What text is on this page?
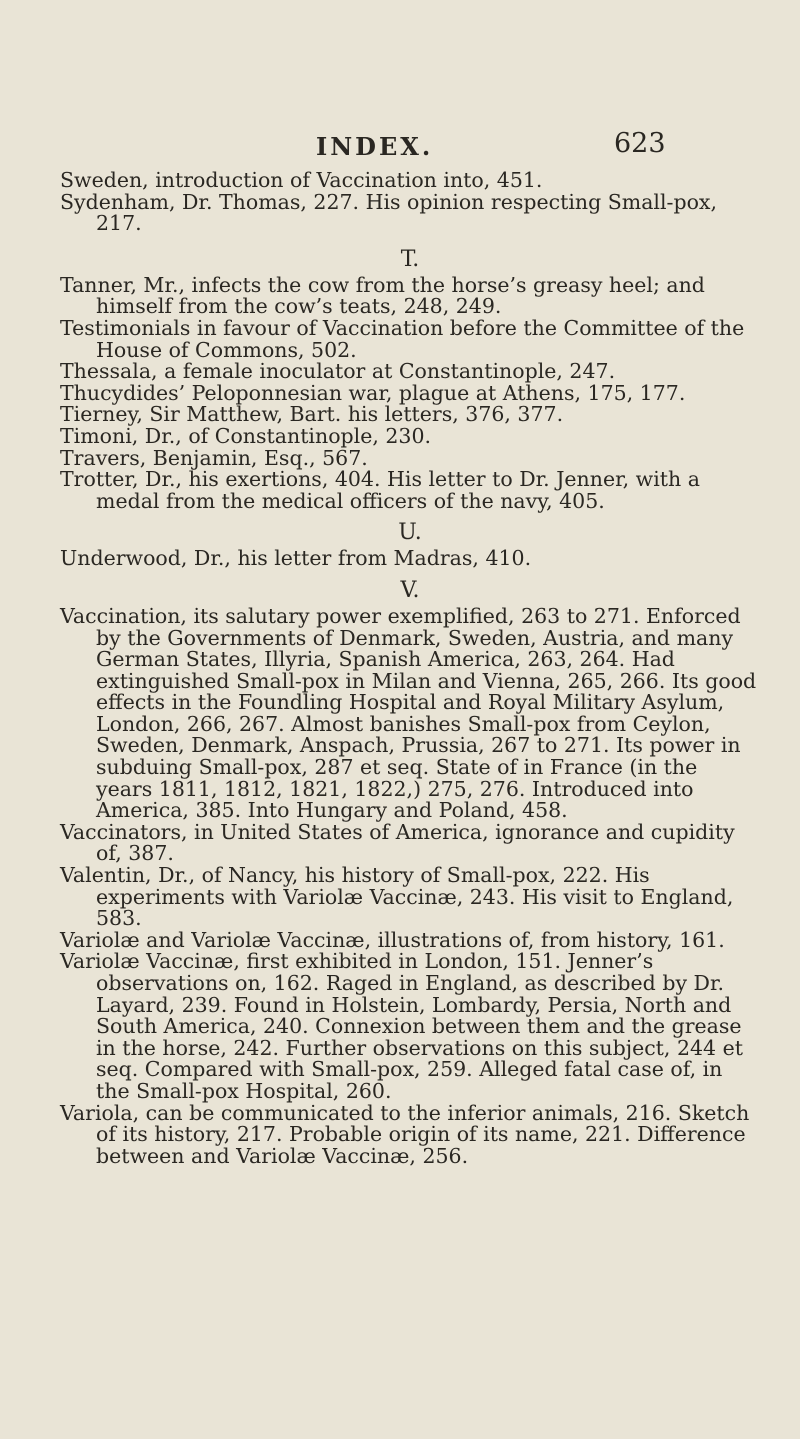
INDEX.	623

Sweden, introduction of Vaccination into, 451.

Sydenham, Dr. Thomas, 227. His opinion respecting Small-pox, 217.

T.

Tanner, Mr., infects the cow from the horse’s greasy heel; and himself from the cow’s teats, 248, 249.

Testimonials in favour of Vaccination before the Committee of the House of Commons, 502.

Thessala, a female inoculator at Constantinople, 247.

Thucydides’ Peloponnesian war, plague at Athens, 175, 177.

Tierney, Sir Matthew, Bart. his letters, 376, 377.

Timoni, Dr., of Constantinople, 230.

Travers, Benjamin, Esq., 567.

Trotter, Dr., his exertions, 404. His letter to Dr. Jenner, with a medal from the medical officers of the navy, 405.

U.

Underwood, Dr., his letter from Madras, 410.

V.

Vaccination, its salutary power exemplified, 263 to 271. Enforced by the Governments of Denmark, Sweden, Austria, and many German States, Illyria, Spanish America, 263, 264. Had extinguished Small-pox in Milan and Vienna, 265, 266. Its good effects in the Foundling Hospital and Royal Military Asylum, London, 266, 267. Almost banishes Small-pox from Ceylon, Sweden, Denmark, Anspach, Prussia, 267 to 271. Its power in subduing Small-pox, 287 et seq. State of in France (in the years 1811, 1812, 1821, 1822,) 275, 276. Introduced into America, 385. Into Hungary and Poland, 458.

Vaccinators, in United States of America, ignorance and cupidity of, 387.

Valentin, Dr., of Nancy, his history of Small-pox, 222. His experiments with Variolæ Vaccinæ, 243. His visit to England, 583.

Variolæ and Variolæ Vaccinæ, illustrations of, from history, 161.

Variolæ Vaccinæ, first exhibited in London, 151. Jenner’s observations on, 162. Raged in England, as described by Dr. Layard, 239. Found in Holstein, Lombardy, Persia, North and South America, 240. Connexion between them and the grease in the horse, 242. Further observations on this subject, 244 et seq. Compared with Small-pox, 259. Alleged fatal case of, in the Small-pox Hospital, 260.

Variola, can be communicated to the inferior animals, 216. Sketch of its history, 217. Probable origin of its name, 221. Difference between and Variolæ Vaccinæ, 256.
